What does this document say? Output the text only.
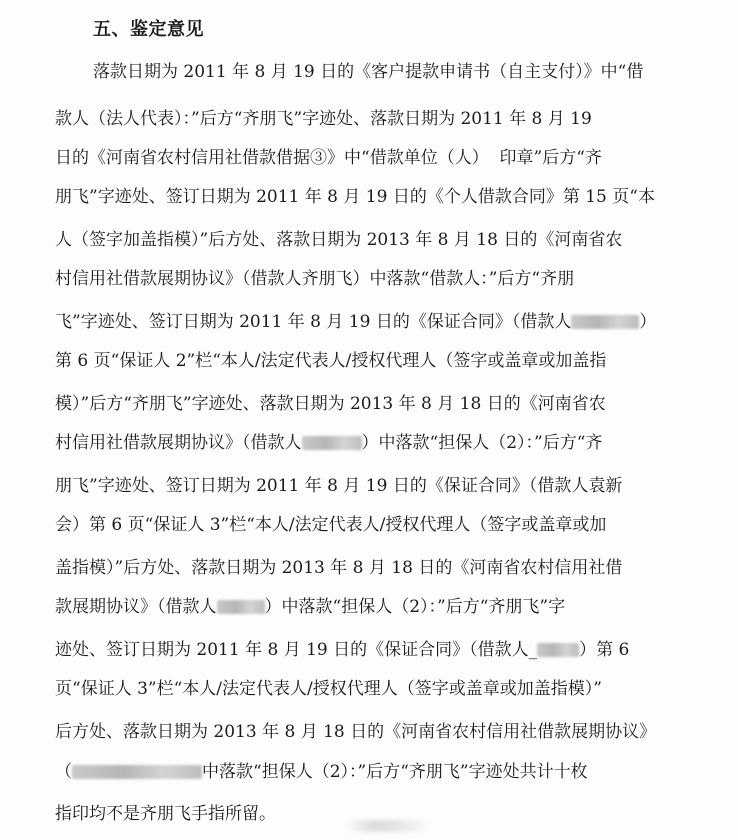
五、鉴定意见
落款日期为 2011 年 8 月 19 日的《客户提款申请书（自主支付）》中“借
款人（法人代表）：”后方“齐朋飞”字迹处、落款日期为 2011 年 8 月 19
日的《河南省农村信用社借款借据③》中“借款单位（人）  印章”后方“齐
朋飞”字迹处、签订日期为 2011 年 8 月 19 日的《个人借款合同》第 15 页“本
人（签字加盖指模）”后方处、落款日期为 2013 年 8 月 18 日的《河南省农
村信用社借款展期协议》（借款人齐朋飞）中落款“借款人：”后方“齐朋
飞”字迹处、签订日期为 2011 年 8 月 19 日的《保证合同》（借款人	）
第 6 页“保证人 2”栏“本人/法定代表人/授权代理人（签字或盖章或加盖指
模）”后方“齐朋飞”字迹处、落款日期为 2013 年 8 月 18 日的《河南省农
村信用社借款展期协议》（借款人	）中落款“担保人（2）：”后方“齐
朋飞”字迹处、签订日期为 2011 年 8 月 19 日的《保证合同》（借款人袁新
会）第 6 页“保证人 3”栏“本人/法定代表人/授权代理人（签字或盖章或加
盖指模）”后方处、落款日期为 2013 年 8 月 18 日的《河南省农村信用社借
款展期协议》（借款人	）中落款“担保人（2）：”后方“齐朋飞”字
迹处、签订日期为 2011 年 8 月 19 日的《保证合同》（借款人_ ）第 6
页“保证人 3”栏“本人/法定代表人/授权代理人（签字或盖章或加盖指模）”
后方处、落款日期为 2013 年 8 月 18 日的《河南省农村信用社借款展期协议》
（	中落款“担保人（2）：”后方“齐朋飞”字迹处共计十枚
指印均不是齐朋飞手指所留。
